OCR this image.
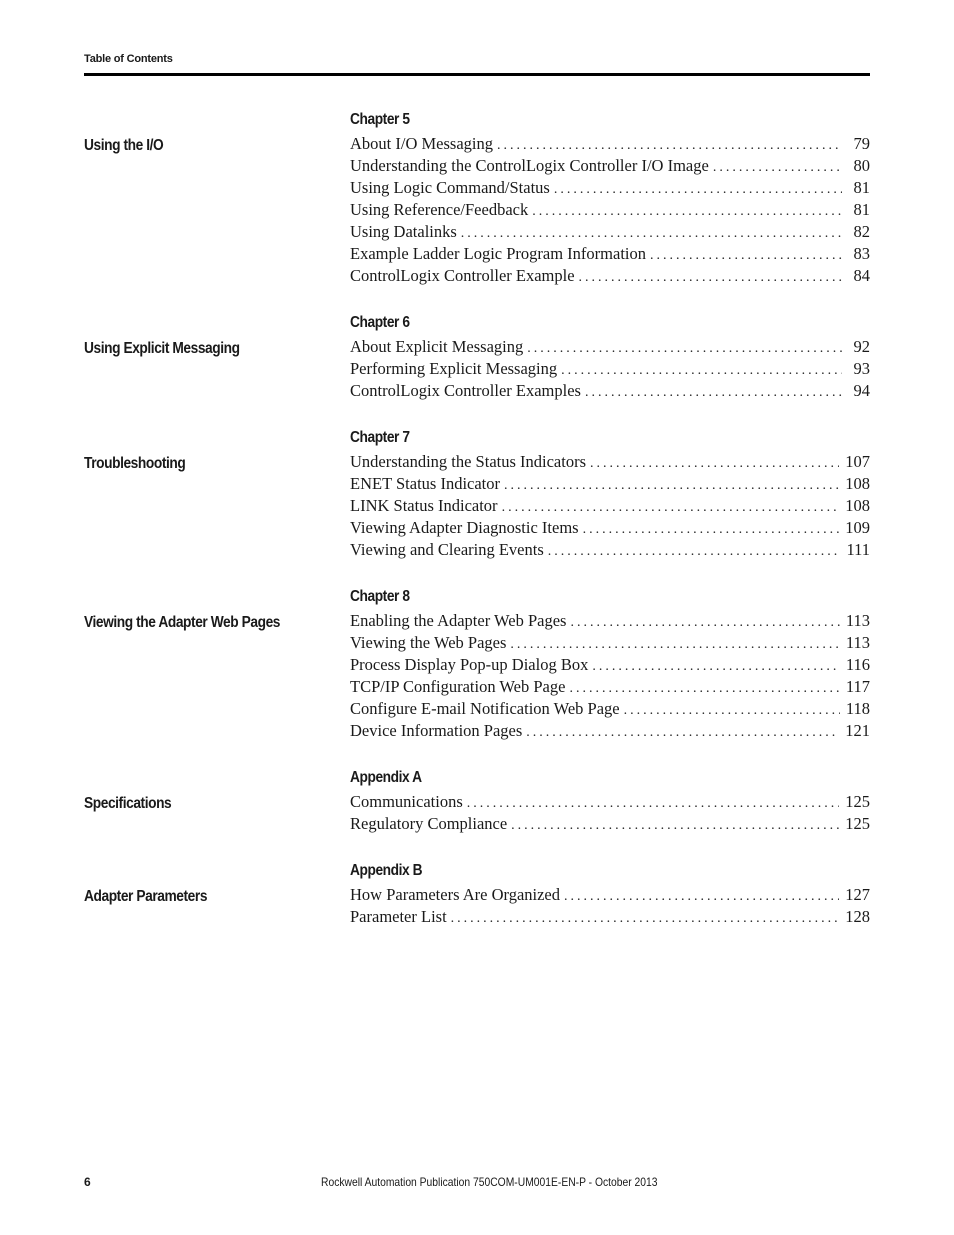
Table of Contents
Chapter 5
Using the I/O	About I/O Messaging .....	79
Understanding the ControlLogix Controller I/O Image .....	80
Using Logic Command/Status .....	81
Using Reference/Feedback .....	81
Using Datalinks .....	82
Example Ladder Logic Program Information .....	83
ControlLogix Controller Example .....	84
Chapter 6
Using Explicit Messaging	About Explicit Messaging .....	92
Performing Explicit Messaging .....	93
ControlLogix Controller Examples .....	94
Chapter 7
Troubleshooting	Understanding the Status Indicators .....	107
ENET Status Indicator .....	108
LINK Status Indicator .....	108
Viewing Adapter Diagnostic Items .....	109
Viewing and Clearing Events .....	111
Chapter 8
Viewing the Adapter Web Pages	Enabling the Adapter Web Pages .....	113
Viewing the Web Pages .....	113
Process Display Pop-up Dialog Box .....	116
TCP/IP Configuration Web Page .....	117
Configure E-mail Notification Web Page .....	118
Device Information Pages .....	121
Appendix A
Specifications	Communications .....	125
Regulatory Compliance .....	125
Appendix B
Adapter Parameters	How Parameters Are Organized .....	127
Parameter List .....	128
6	Rockwell Automation Publication 750COM-UM001E-EN-P - October 2013
